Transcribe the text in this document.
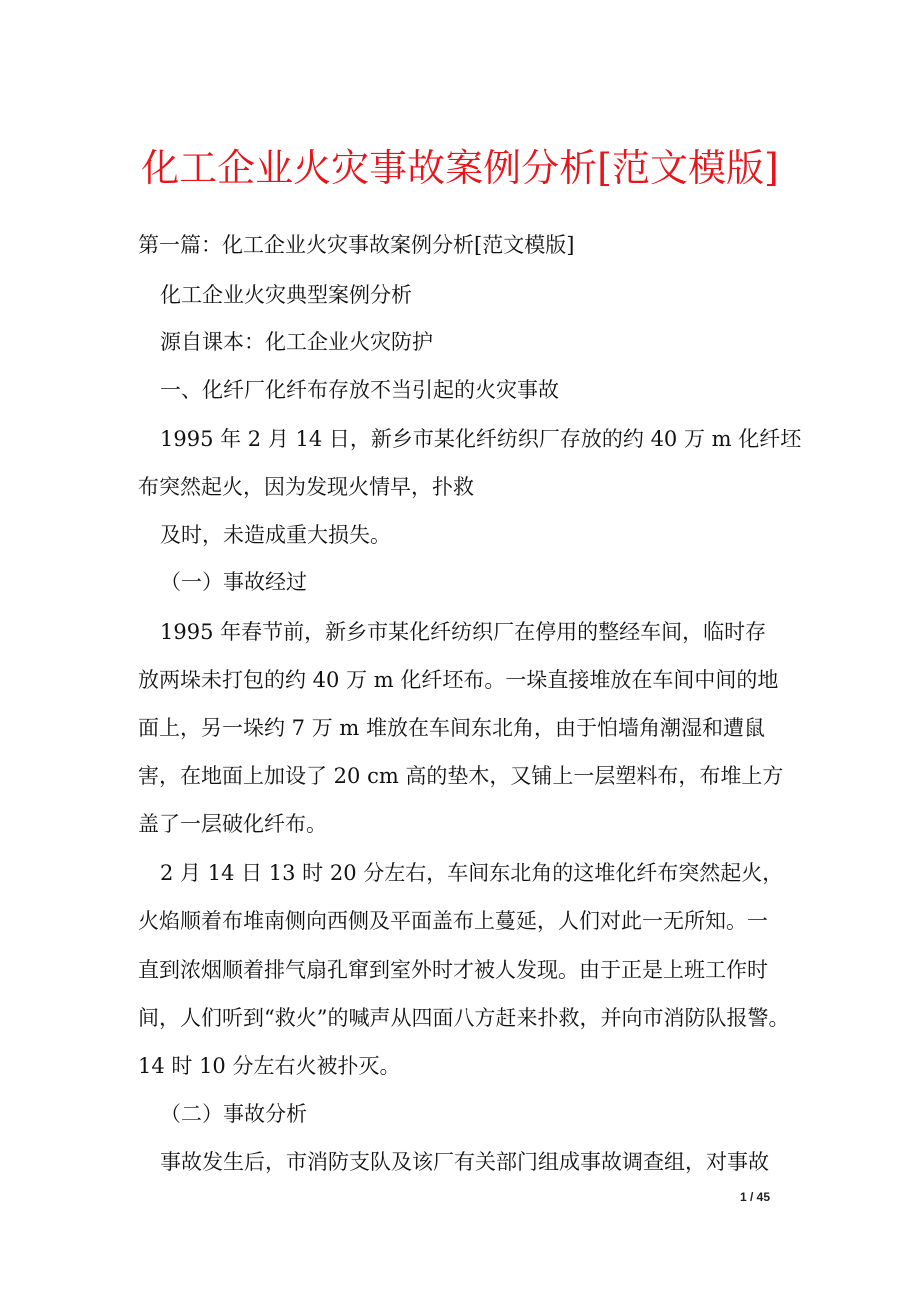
化工企业火灾事故案例分析[范文模版]

第一篇：化工企业火灾事故案例分析[范文模版]

化工企业火灾典型案例分析

源自课本：化工企业火灾防护

一、化纤厂化纤布存放不当引起的火灾事故

1995 年 2 月 14 日，新乡市某化纤纺织厂存放的约 40 万 m 化纤坯

布突然起火，因为发现火情早，扑救

及时，未造成重大损失。

（一）事故经过

1995 年春节前，新乡市某化纤纺织厂在停用的整经车间，临时存

放两垛未打包的约 40 万 m 化纤坯布。一垛直接堆放在车间中间的地

面上，另一垛约 7 万 m 堆放在车间东北角，由于怕墙角潮湿和遭鼠

害，在地面上加设了 20 cm 高的垫木，又铺上一层塑料布，布堆上方

盖了一层破化纤布。

2 月 14 日 13 时 20 分左右，车间东北角的这堆化纤布突然起火，

火焰顺着布堆南侧向西侧及平面盖布上蔓延，人们对此一无所知。一

直到浓烟顺着排气扇孔窜到室外时才被人发现。由于正是上班工作时

间，人们听到“救火”的喊声从四面八方赶来扑救，并向市消防队报警。

14 时 10 分左右火被扑灭。

（二）事故分析

事故发生后，市消防支队及该厂有关部门组成事故调查组，对事故

1 / 45
